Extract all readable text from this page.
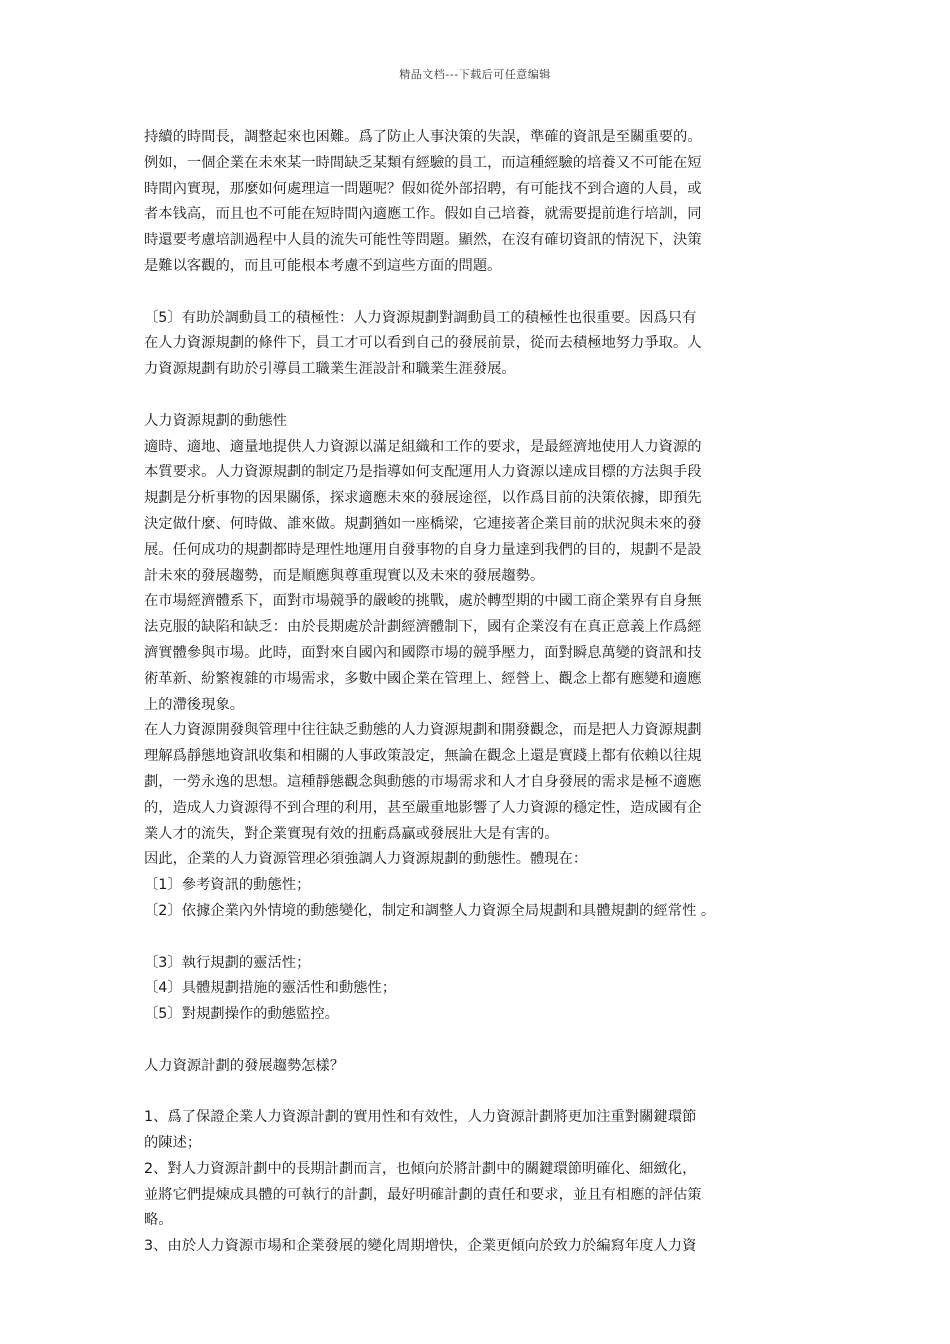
精品文档---下载后可任意编辑
持續的時間長，調整起來也困難。爲了防止人事決策的失誤，準確的資訊是至關重要的。
例如，一個企業在未來某一時間缺乏某類有經驗的員工，而這種經驗的培養又不可能在短
時間內實現，那麼如何處理這一問題呢？假如從外部招聘，有可能找不到合適的人員，或
者本钱高，而且也不可能在短時間內適應工作。假如自己培養，就需要提前進行培訓，同
時還要考慮培訓過程中人員的流失可能性等問題。顯然，在沒有確切資訊的情況下，決策
是難以客觀的，而且可能根本考慮不到這些方面的問題。
〔5〕有助於調動員工的積極性：人力資源規劃對調動員工的積極性也很重要。因爲只有
在人力資源規劃的條件下，員工才可以看到自己的發展前景，從而去積極地努力爭取。人
力資源規劃有助於引導員工職業生涯設計和職業生涯發展。
人力資源規劃的動態性
適時、適地、適量地提供人力資源以滿足組織和工作的要求，是最經濟地使用人力資源的
本質要求。人力資源規劃的制定乃是指導如何支配運用人力資源以達成目標的方法與手段
規劃是分析事物的因果關係，探求適應未來的發展途徑，以作爲目前的決策依據，即預先
決定做什麼、何時做、誰來做。規劃猶如一座橋梁，它連接著企業目前的狀況與未來的發
展。任何成功的規劃都時是理性地運用自發事物的自身力量達到我們的目的，規劃不是設
計未來的發展趨勢，而是順應與尊重現實以及未來的發展趨勢。
在市場經濟體系下，面對市場競爭的嚴峻的挑戰，處於轉型期的中國工商企業界有自身無
法克服的缺陷和缺乏：由於長期處於計劃經濟體制下，國有企業沒有在真正意義上作爲經
濟實體參與市場。此時，面對來自國內和國際市場的競爭壓力，面對瞬息萬變的資訊和技
術革新、紛繁複雜的市場需求，多數中國企業在管理上、經營上、觀念上都有應變和適應
上的滯後現象。
在人力資源開發與管理中往往缺乏動態的人力資源規劃和開發觀念，而是把人力資源規劃
理解爲靜態地資訊收集和相關的人事政策設定，無論在觀念上還是實踐上都有依賴以往規
劃，一勞永逸的思想。這種靜態觀念與動態的市場需求和人才自身發展的需求是極不適應
的，造成人力資源得不到合理的利用，甚至嚴重地影響了人力資源的穩定性，造成國有企
業人才的流失，對企業實現有效的扭虧爲贏或發展壯大是有害的。
因此，企業的人力資源管理必須強調人力資源規劃的動態性。體現在：
〔1〕參考資訊的動態性；
〔2〕依據企業內外情境的動態變化，制定和調整人力資源全局規劃和具體規劃的經常性 。
〔3〕執行規劃的靈活性；
〔4〕具體規劃措施的靈活性和動態性；
〔5〕對規劃操作的動態監控。
人力資源計劃的發展趨勢怎樣？
1、爲了保證企業人力資源計劃的實用性和有效性，人力資源計劃將更加注重對關鍵環節
的陳述；
2、對人力資源計劃中的長期計劃而言，也傾向於將計劃中的關鍵環節明確化、細緻化，
並將它們提煉成具體的可執行的計劃，最好明確計劃的責任和要求，並且有相應的評估策
略。
3、由於人力資源市場和企業發展的變化周期增快，企業更傾向於致力於編寫年度人力資
